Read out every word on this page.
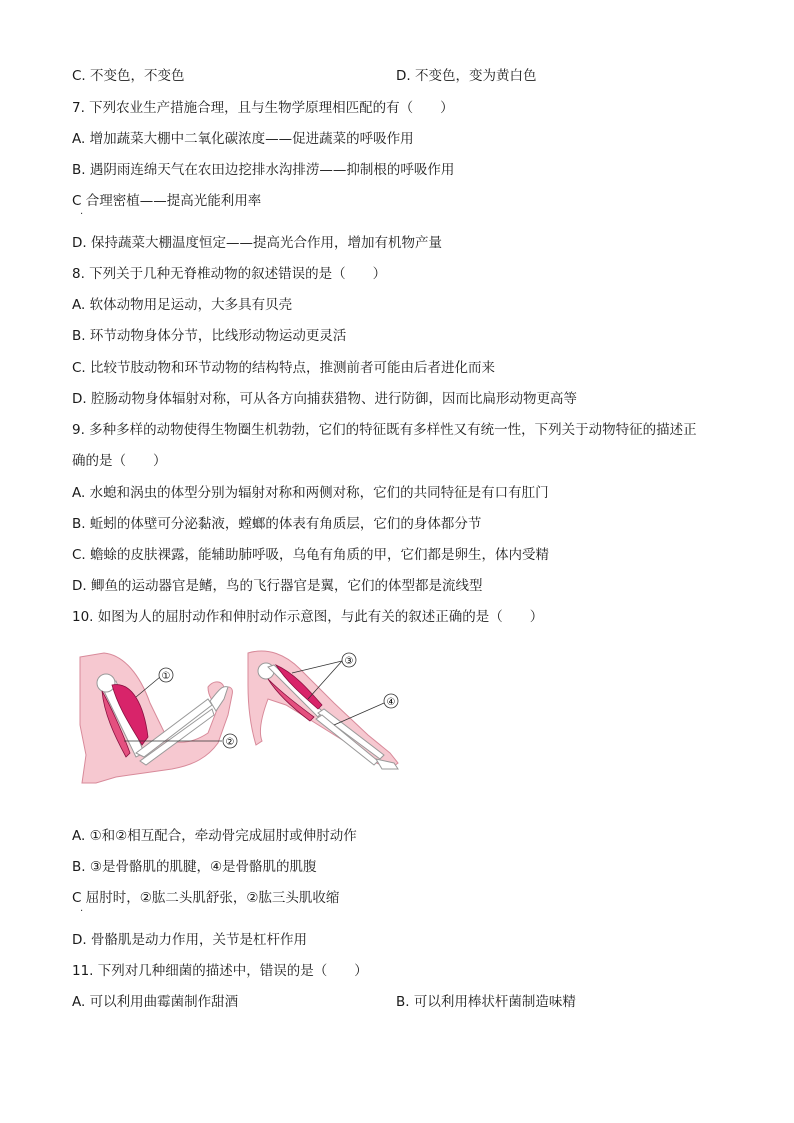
C. 不变色，不变色	D. 不变色，变为黄白色
7. 下列农业生产措施合理，且与生物学原理相匹配的有（　　）
A. 增加蔬菜大棚中二氧化碳浓度——促进蔬菜的呼吸作用
B. 遇阴雨连绵天气在农田边挖排水沟排涝——抑制根的呼吸作用
C 合理密植——提高光能利用率
·
D. 保持蔬菜大棚温度恒定——提高光合作用，增加有机物产量
8. 下列关于几种无脊椎动物的叙述错误的是（　　）
A. 软体动物用足运动，大多具有贝壳
B. 环节动物身体分节，比线形动物运动更灵活
C. 比较节肢动物和环节动物的结构特点，推测前者可能由后者进化而来
D. 腔肠动物身体辐射对称，可从各方向捕获猎物、进行防御，因而比扁形动物更高等
9. 多种多样的动物使得生物圈生机勃勃，它们的特征既有多样性又有统一性，下列关于动物特征的描述正
确的是（　　）
A. 水螅和涡虫的体型分别为辐射对称和两侧对称，它们的共同特征是有口有肛门
B. 蚯蚓的体壁可分泌黏液，螳螂的体表有角质层，它们的身体都分节
C. 蟾蜍的皮肤裸露，能辅助肺呼吸，乌龟有角质的甲，它们都是卵生，体内受精
D. 鲫鱼的运动器官是鳍，鸟的飞行器官是翼，它们的体型都是流线型
10. 如图为人的屈肘动作和伸肘动作示意图，与此有关的叙述正确的是（　　）
①
②
③
④
A. ①和②相互配合，牵动骨完成屈肘或伸肘动作
B. ③是骨骼肌的肌腱，④是骨骼肌的肌腹
C 屈肘时，②肱二头肌舒张，②肱三头肌收缩
·
D. 骨骼肌是动力作用，关节是杠杆作用
11. 下列对几种细菌的描述中，错误的是（　　）
A. 可以利用曲霉菌制作甜酒	B. 可以利用棒状杆菌制造味精
